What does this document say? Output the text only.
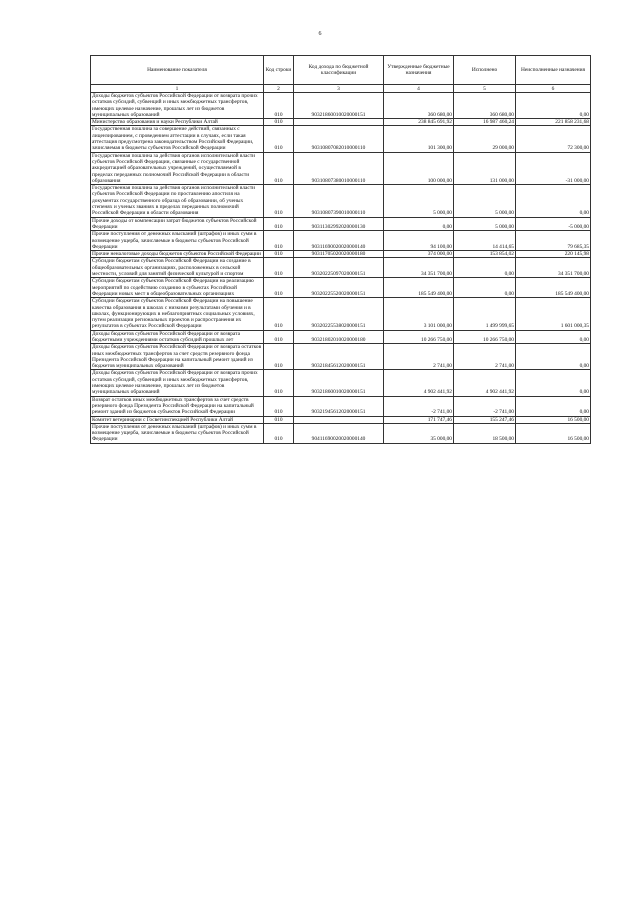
6
Наименование показателя	Код строки	Код дохода по бюджетной классификации	Утвержденные бюджетные назначения	Исполнено	Неисполненные назначения
1	2	3	4	5	6
Доходы бюджетов субъектов Российской Федерации от возврата прочих остатков субсидий, субвенций и иных межбюджетных трансфертов, имеющих целевое назначение, прошлых лет из бюджетов муниципальных образований	010	90321860010020000151	360 680,00	360 680,00	0,00
Министерство образования и науки Республики Алтай	010		238 845 691,92	16 987 460,24	221 858 231,68
Государственная пошлина за совершение действий, связанных с лицензированием, с проведением аттестации в случаях, если такая аттестация предусмотрена законодательством Российской Федерации, зачисляемая в бюджеты субъектов Российской Федерации	010	90310807082010000110	101 300,00	29 000,00	72 300,00
Государственная пошлина за действия органов исполнительной власти субъектов Российской Федерации, связанные с государственной аккредитацией образовательных учреждений, осуществляемой в пределах переданных полномочий Российской Федерации в области образования	010	90310807380010000110	100 000,00	131 000,00	-31 000,00
Государственная пошлина за действия органов исполнительной власти субъектов Российской Федерации по проставлению апостиля на документах государственного образца об образовании, об ученых степенях и ученых званиях в пределах переданных полномочий Российской Федерации в области образования	010	90310807390010000110	5 000,00	5 000,00	0,00
Прочие доходы от компенсации затрат бюджетов субъектов Российской Федерации	010	90311302992020000130	0,00	5 000,00	-5 000,00
Прочие поступления от денежных взысканий (штрафов) и иных сумм в возмещение ущерба, зачисляемые в бюджеты субъектов Российской Федерации	010	90311690020020000140	94 100,00	14 414,65	79 685,35
Прочие неналоговые доходы бюджетов субъектов Российской Федерации	010	90311705020020000180	374 000,00	153 854,02	220 145,98
Субсидии бюджетам субъектов Российской Федерации на создание в общеобразовательных организациях, расположенных в сельской местности, условий для занятий физической культурой и спортом	010	90320225097020000151	34 351 700,00	0,00	34 351 700,00
Субсидии бюджетам субъектов Российской Федерации на реализацию мероприятий по содействию созданию в субъектах Российской Федерации новых мест в общеобразовательных организациях	010	90320225520020000151	185 549 400,00	0,00	185 549 400,00
Субсидии бюджетам субъектов Российской Федерации на повышение качества образования в школах с низкими результатами обучения и в школах, функционирующих в неблагоприятных социальных условиях, путем реализации региональных проектов и распространения их результатов в субъектах Российской Федерации	010	90320225538020000151	3 101 000,00	1 499 999,65	1 601 000,35
Доходы бюджетов субъектов Российской Федерации от возврата бюджетными учреждениями остатков субсидий прошлых лет	010	90321802010020000180	10 266 750,00	10 266 750,00	0,00
Доходы бюджетов субъектов Российской Федерации от возврата остатков иных межбюджетных трансфертов за счет средств резервного фонда Президента Российской Федерации на капитальный ремонт зданий из бюджетов муниципальных образований	010	90321845612020000151	2 741,00	2 741,00	0,00
Доходы бюджетов субъектов Российской Федерации от возврата прочих остатков субсидий, субвенций и иных межбюджетных трансфертов, имеющих целевое назначение, прошлых лет из бюджетов муниципальных образований	010	90321860010020000151	4 902 441,92	4 902 441,92	0,00
Возврат остатков иных межбюджетных трансфертов за счет средств резервного фонда Президента Российской Федерации на капитальный ремонт зданий из бюджетов субъектов Российской Федерации	010	90321945612020000151	-2 741,00	-2 741,00	0,00
Комитет ветеринарии с Госветинспекцией Республики Алтай	010		171 747,46	155 247,46	16 500,00
Прочие поступления от денежных взысканий (штрафов) и иных сумм в возмещение ущерба, зачисляемые в бюджеты субъектов Российской Федерации	010	90411690020020000140	35 000,00	18 500,00	16 500,00
